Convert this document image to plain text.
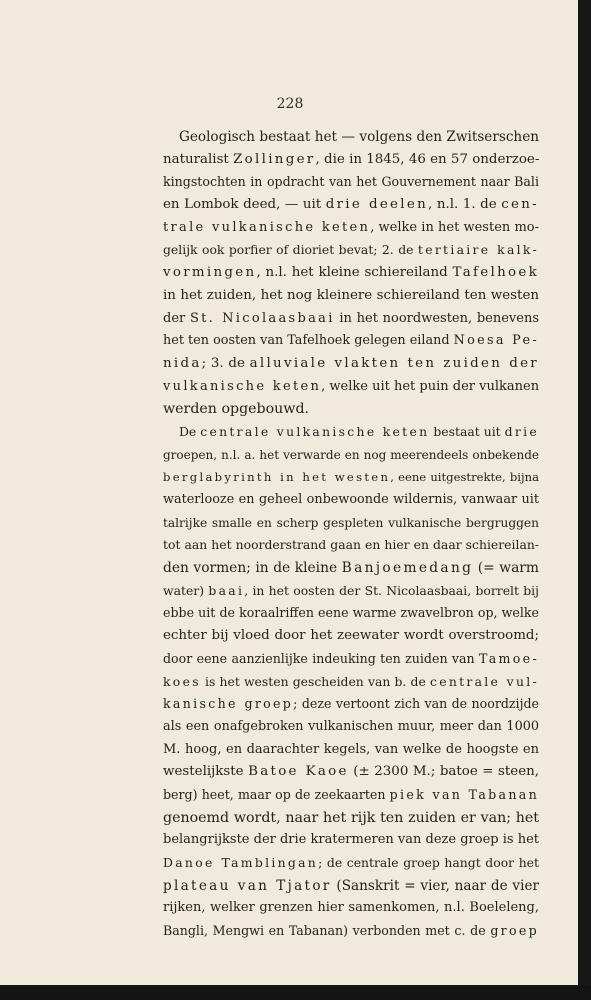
228
Geologisch bestaat het — volgens den Zwitserschen
naturalist Zollinger, die in 1845, 46 en 57 onderzoe-
kingstochten in opdracht van het Gouvernement naar Bali
en Lombok deed, — uit drie deelen, n.l. 1. de cen-
trale vulkanische keten, welke in het westen mo-
gelijk ook porfier of dioriet bevat; 2. de tertiaire kalk-
vormingen, n.l. het kleine schiereiland Tafelhoek
in het zuiden, het nog kleinere schiereiland ten westen
der St. Nicolaasbaai in het noordwesten, benevens
het ten oosten van Tafelhoek gelegen eiland Noesa Pe-
nida; 3. de alluviale vlakten ten zuiden der
vulkanische keten, welke uit het puin der vulkanen
werden opgebouwd.
De centrale vulkanische keten bestaat uit drie
groepen, n.l. a. het verwarde en nog meerendeels onbekende
berglabyrinth in het westen, eene uitgestrekte, bijna
waterlooze en geheel onbewoonde wildernis, vanwaar uit
talrijke smalle en scherp gespleten vulkanische bergruggen
tot aan het noorderstrand gaan en hier en daar schiereilan-
den vormen; in de kleine Banjoemedang (= warm
water) baai, in het oosten der St. Nicolaasbaai, borrelt bij
ebbe uit de koraalriffen eene warme zwavelbron op, welke
echter bij vloed door het zeewater wordt overstroomd;
door eene aanzienlijke indeuking ten zuiden van Tamoe-
koes is het westen gescheiden van b. de centrale vul-
kanische groep; deze vertoont zich van de noordzijde
als een onafgebroken vulkanischen muur, meer dan 1000
M. hoog, en daarachter kegels, van welke de hoogste en
westelijkste Batoe Kaoe (± 2300 M.; batoe = steen,
berg) heet, maar op de zeekaarten piek van Tabanan
genoemd wordt, naar het rijk ten zuiden er van; het
belangrijkste der drie kratermeren van deze groep is het
Danoe Tamblingan; de centrale groep hangt door het
plateau van Tjator (Sanskrit = vier, naar de vier
rijken, welker grenzen hier samenkomen, n.l. Boeleleng,
Bangli, Mengwi en Tabanan) verbonden met c. de groep
